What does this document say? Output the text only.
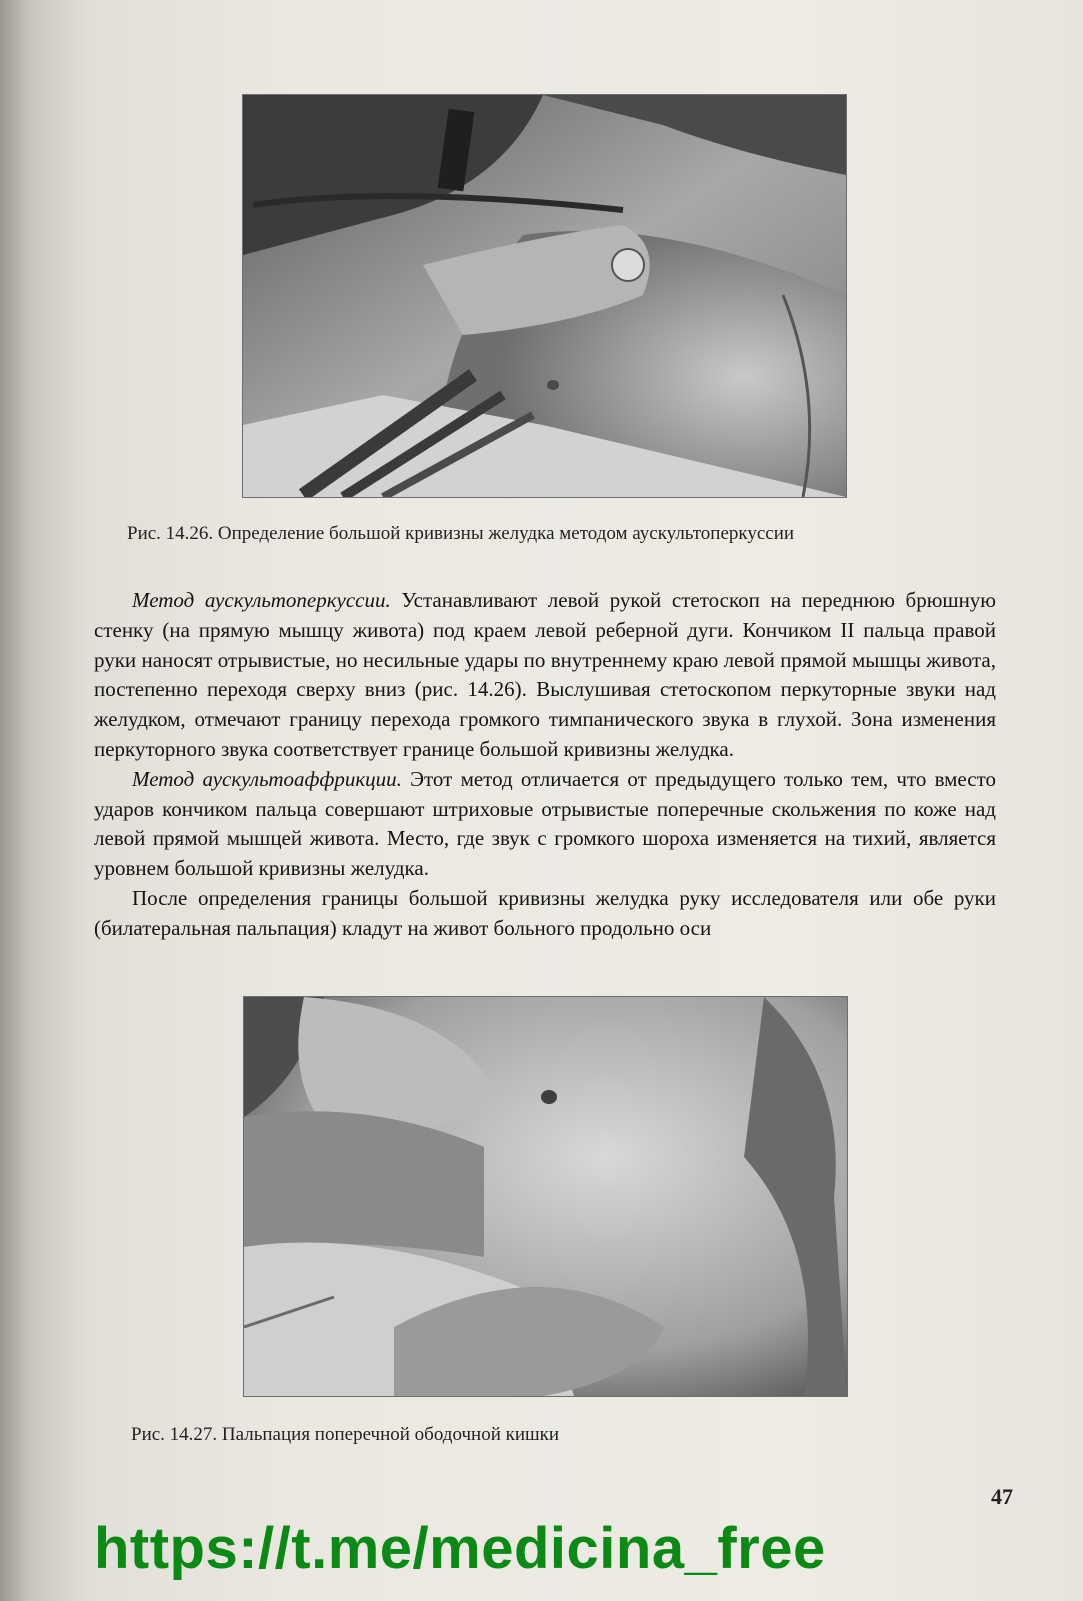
Рис. 14.26. Определение большой кривизны желудка методом аускультоперкуссии

Метод аускультоперкуссии. Устанавливают левой рукой стетоскоп на переднюю брюшную стенку (на прямую мышцу живота) под краем левой реберной дуги. Кончиком II пальца правой руки наносят отрывистые, но несильные удары по внутреннему краю левой прямой мышцы живота, постепенно переходя сверху вниз (рис. 14.26). Выслушивая стетоскопом перкуторные звуки над желудком, отмечают границу перехода громкого тимпанического звука в глухой. Зона изменения перкуторного звука соответствует границе большой кривизны желудка.

Метод аускультоаффрикции. Этот метод отличается от предыдущего только тем, что вместо ударов кончиком пальца совершают штриховые отрывистые поперечные скольжения по коже над левой прямой мышцей живота. Место, где звук с громкого шороха изменяется на тихий, является уровнем большой кривизны желудка.

После определения границы большой кривизны желудка руку исследователя или обе руки (билатеральная пальпация) кладут на живот больного продольно оси

Рис. 14.27. Пальпация поперечной ободочной кишки
47
https://t.me/medicina_free
